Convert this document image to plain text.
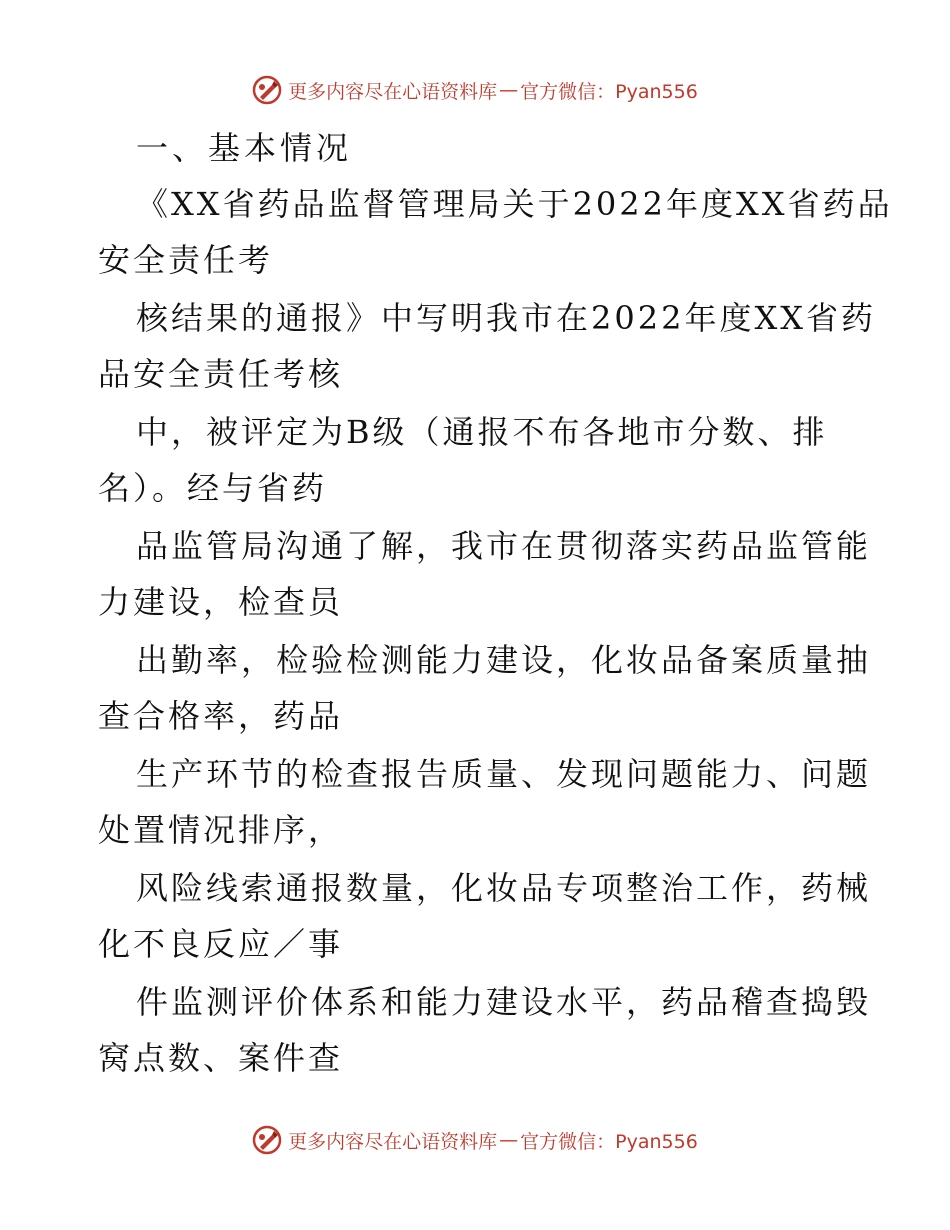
更多内容尽在心语资料库 — 官方微信：Pyan556
一、基本情况
《XX省药品监督管理局关于2022年度XX省药品
安全责任考
核结果的通报》中写明我市在2022年度XX省药
品安全责任考核
中，被评定为B级（通报不布各地市分数、排
名）。经与省药
品监管局沟通了解，我市在贯彻落实药品监管能
力建设，检查员
出勤率，检验检测能力建设，化妆品备案质量抽
查合格率，药品
生产环节的检查报告质量、发现问题能力、问题
处置情况排序，
风险线索通报数量，化妆品专项整治工作，药械
化不良反应／事
件监测评价体系和能力建设水平，药品稽查捣毁
窝点数、案件查
更多内容尽在心语资料库 — 官方微信：Pyan556
